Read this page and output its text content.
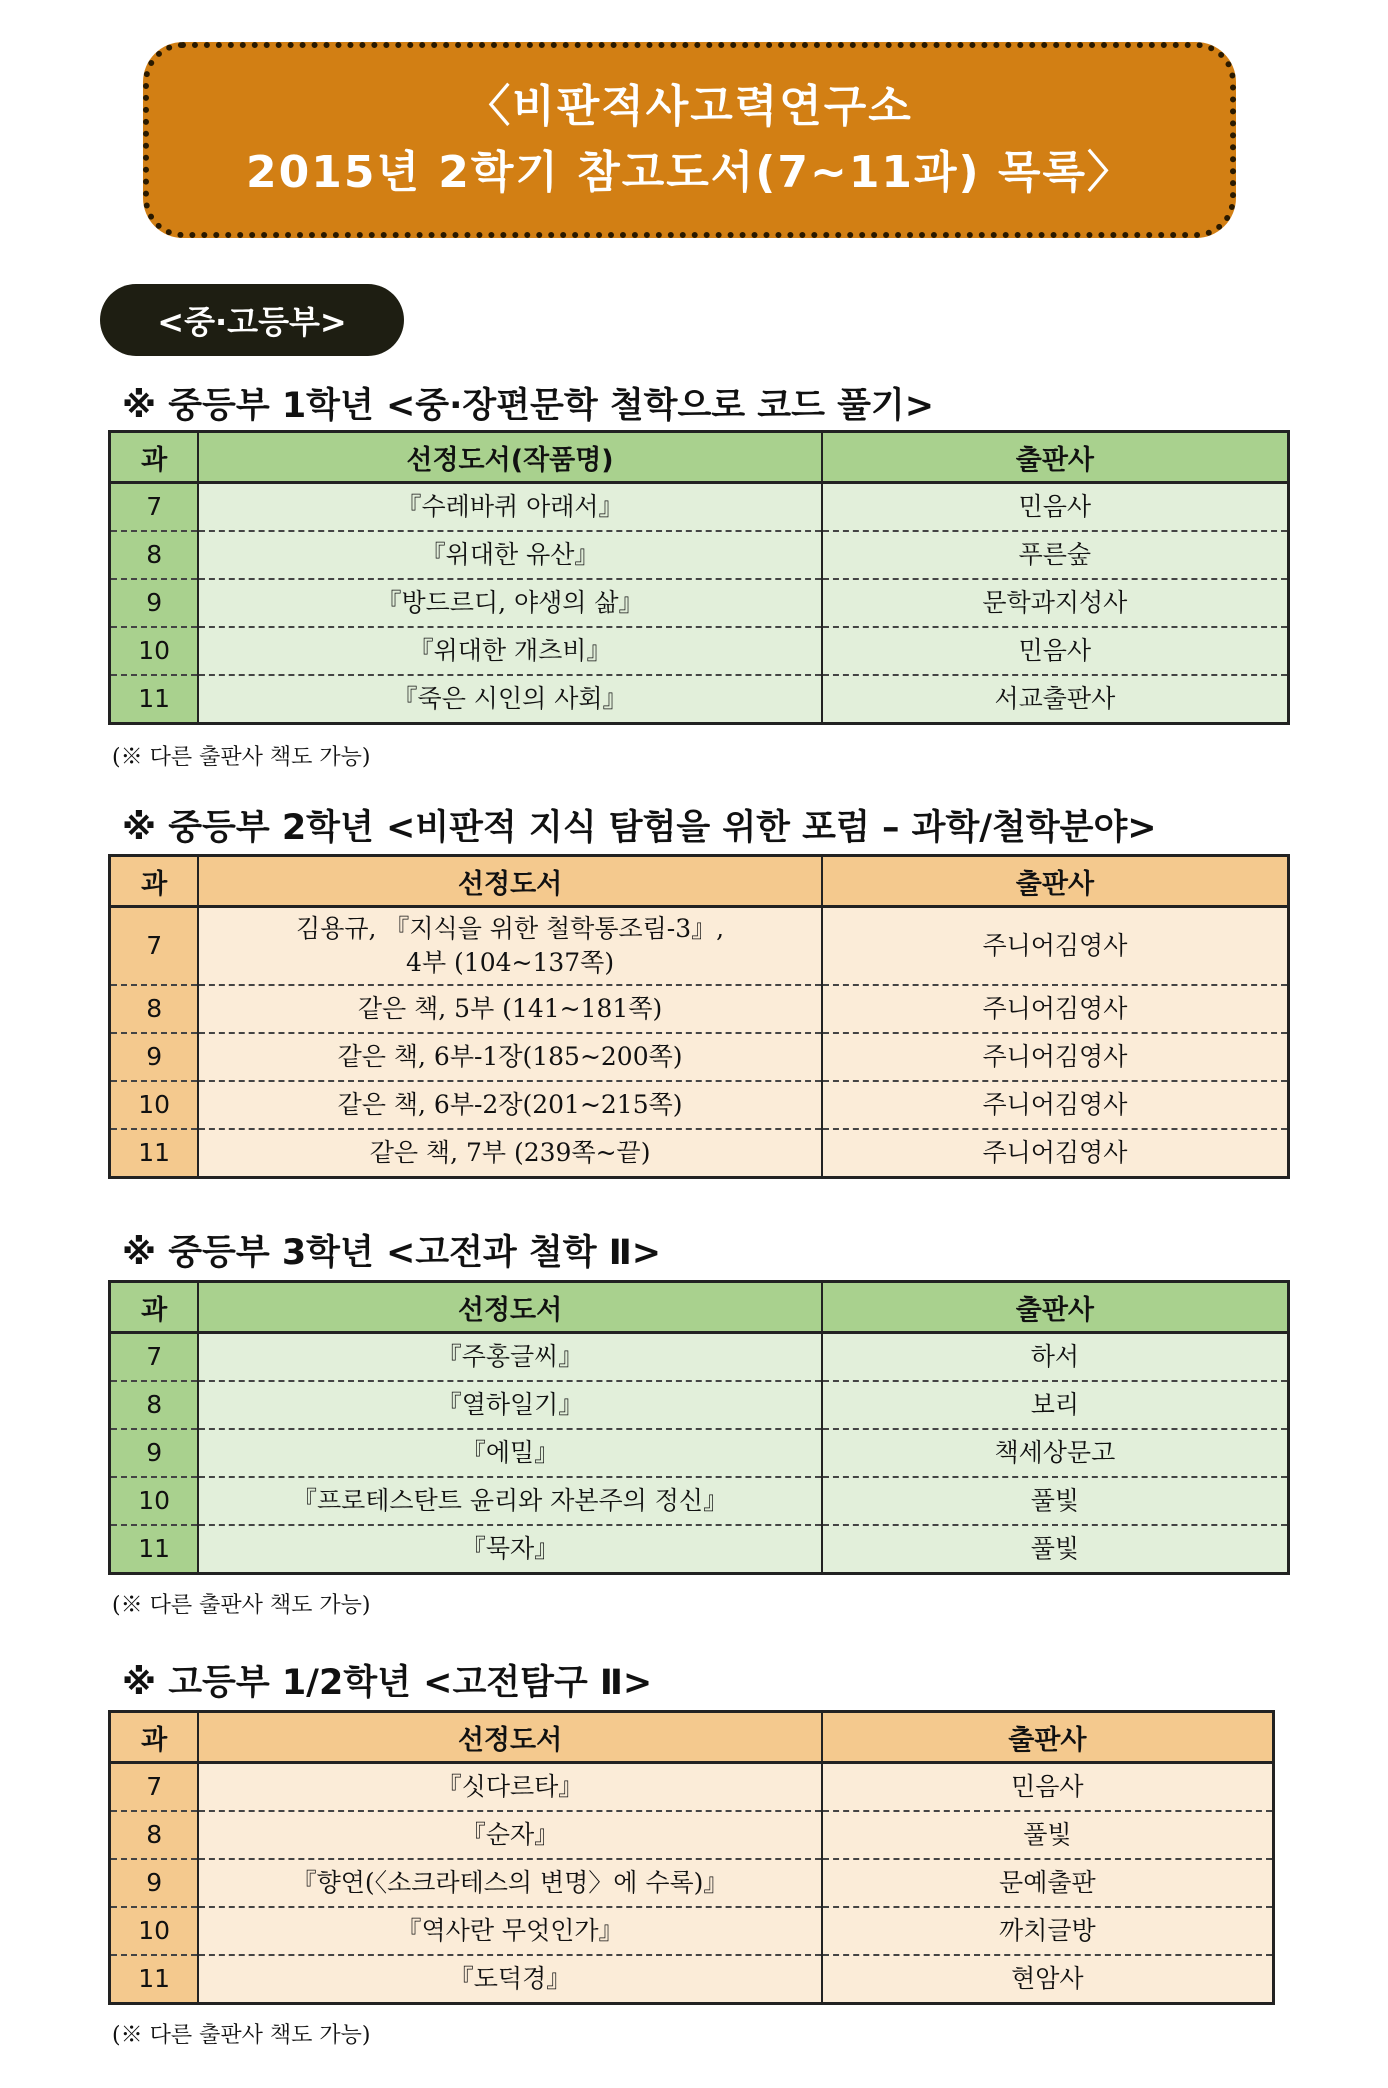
〈비판적사고력연구소
2015년 2학기 참고도서(7~11과) 목록〉
<중·고등부>
※ 중등부 1학년 <중·장편문학 철학으로 코드 풀기>
과	선정도서(작품명)	출판사
7	『수레바퀴 아래서』	민음사
8	『위대한 유산』	푸른숲
9	『방드르디, 야생의 삶』	문학과지성사
10	『위대한 개츠비』	민음사
11	『죽은 시인의 사회』	서교출판사
(※ 다른 출판사 책도 가능)
※ 중등부 2학년 <비판적 지식 탐험을 위한 포럼 – 과학/철학분야>
과	선정도서	출판사
7	김용규, 『지식을 위한 철학통조림-3』,
4부 (104~137쪽)	주니어김영사
8	같은 책, 5부 (141~181쪽)	주니어김영사
9	같은 책, 6부-1장(185~200쪽)	주니어김영사
10	같은 책, 6부-2장(201~215쪽)	주니어김영사
11	같은 책, 7부 (239쪽~끝)	주니어김영사
※ 중등부 3학년 <고전과 철학 Ⅱ>
과	선정도서	출판사
7	『주홍글씨』	하서
8	『열하일기』	보리
9	『에밀』	책세상문고
10	『프로테스탄트 윤리와 자본주의 정신』	풀빛
11	『묵자』	풀빛
(※ 다른 출판사 책도 가능)
※ 고등부 1/2학년 <고전탐구 Ⅱ>
과	선정도서	출판사
7	『싯다르타』	민음사
8	『순자』	풀빛
9	『향연(〈소크라테스의 변명〉에 수록)』	문예출판
10	『역사란 무엇인가』	까치글방
11	『도덕경』	현암사
(※ 다른 출판사 책도 가능)
